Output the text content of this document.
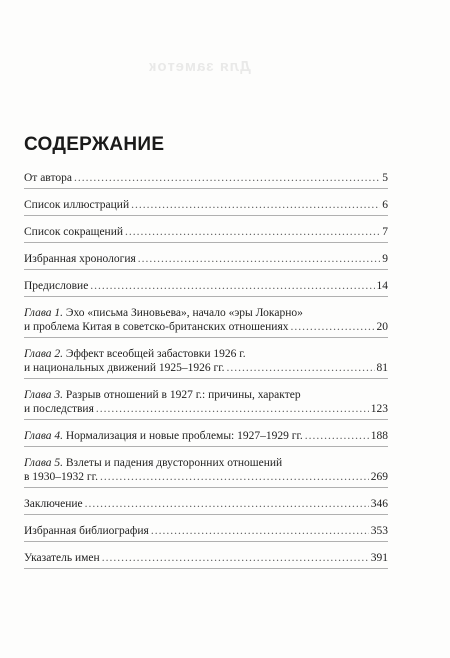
Для заметок
СОДЕРЖАНИЕ
От автора .....	5
Список иллюстраций .....	6
Список сокращений .....	7
Избранная хронология .....	9
Предисловие .....	14
Глава 1. Эхо «письма Зиновьева», начало «эры Локарно»
и проблема Китая в советско-британских отношениях .....	20
Глава 2. Эффект всеобщей забастовки 1926 г.
и национальных движений 1925–1926 гг. .....	81
Глава 3. Разрыв отношений в 1927 г.: причины, характер
и последствия .....	123
Глава 4. Нормализация и новые проблемы: 1927–1929 гг. .....	188
Глава 5. Взлеты и падения двусторонних отношений
в 1930–1932 гг. .....	269
Заключение .....	346
Избранная библиография .....	353
Указатель имен .....	391
